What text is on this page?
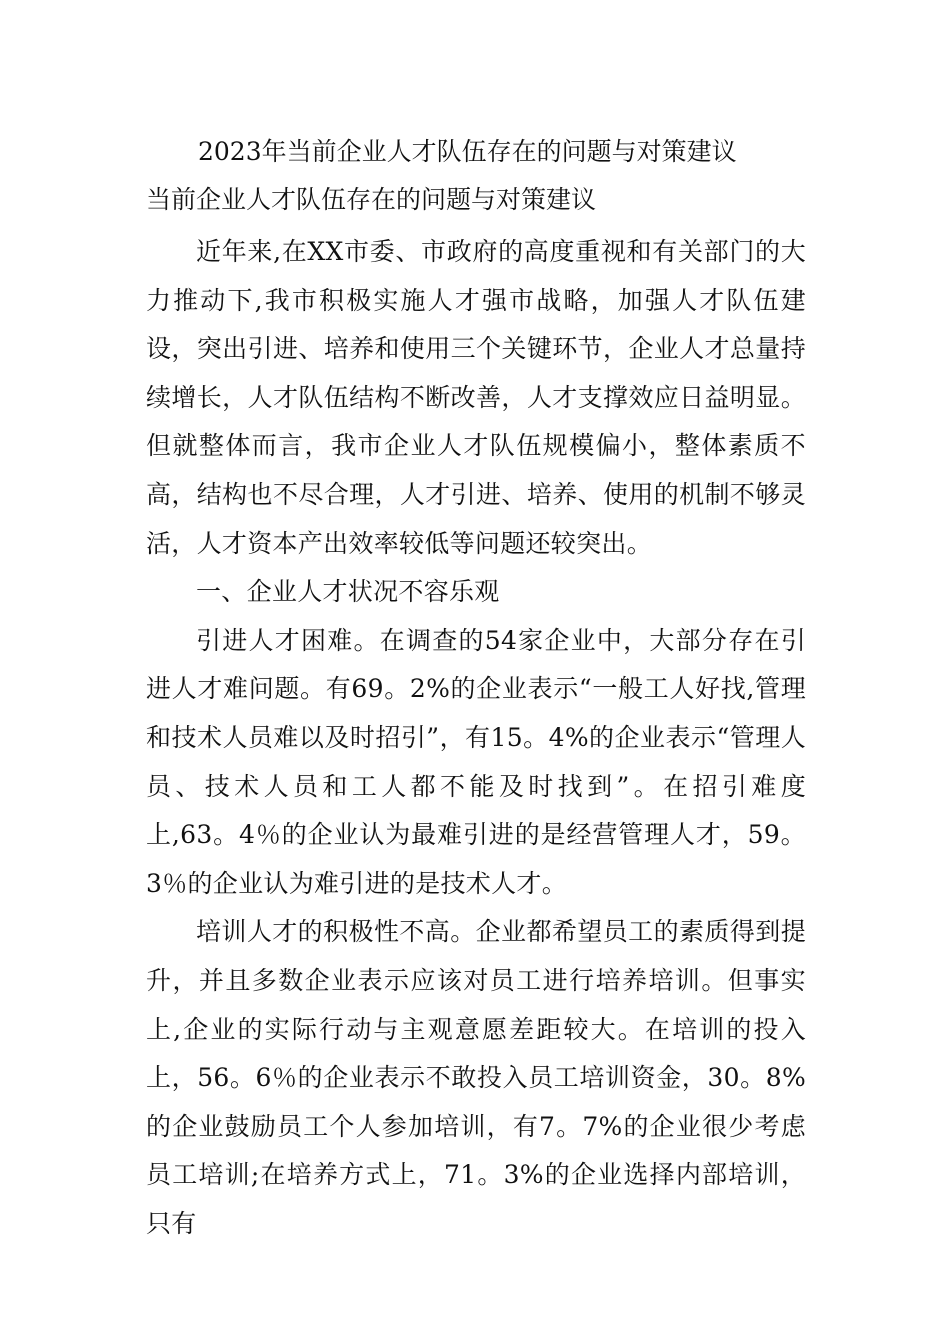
2023年当前企业人才队伍存在的问题与对策建议
当前企业人才队伍存在的问题与对策建议

近年来,在XX市委、市政府的高度重视和有关部门的大力推动下,我市积极实施人才强市战略，加强人才队伍建设，突出引进、培养和使用三个关键环节，企业人才总量持续增长，人才队伍结构不断改善，人才支撑效应日益明显。但就整体而言，我市企业人才队伍规模偏小，整体素质不高，结构也不尽合理，人才引进、培养、使用的机制不够灵活，人才资本产出效率较低等问题还较突出。

一、企业人才状况不容乐观

引进人才困难。在调查的54家企业中，大部分存在引进人才难问题。有69。2%的企业表示“一般工人好找,管理和技术人员难以及时招引”，有15。4%的企业表示“管理人员、技术人员和工人都不能及时找到”。在招引难度上,63。4％的企业认为最难引进的是经营管理人才，59。3％的企业认为难引进的是技术人才。

培训人才的积极性不高。企业都希望员工的素质得到提升，并且多数企业表示应该对员工进行培养培训。但事实上,企业的实际行动与主观意愿差距较大。在培训的投入上，56。6％的企业表示不敢投入员工培训资金，30。8%的企业鼓励员工个人参加培训，有7。7%的企业很少考虑员工培训;在培养方式上，71。3%的企业选择内部培训，只有
